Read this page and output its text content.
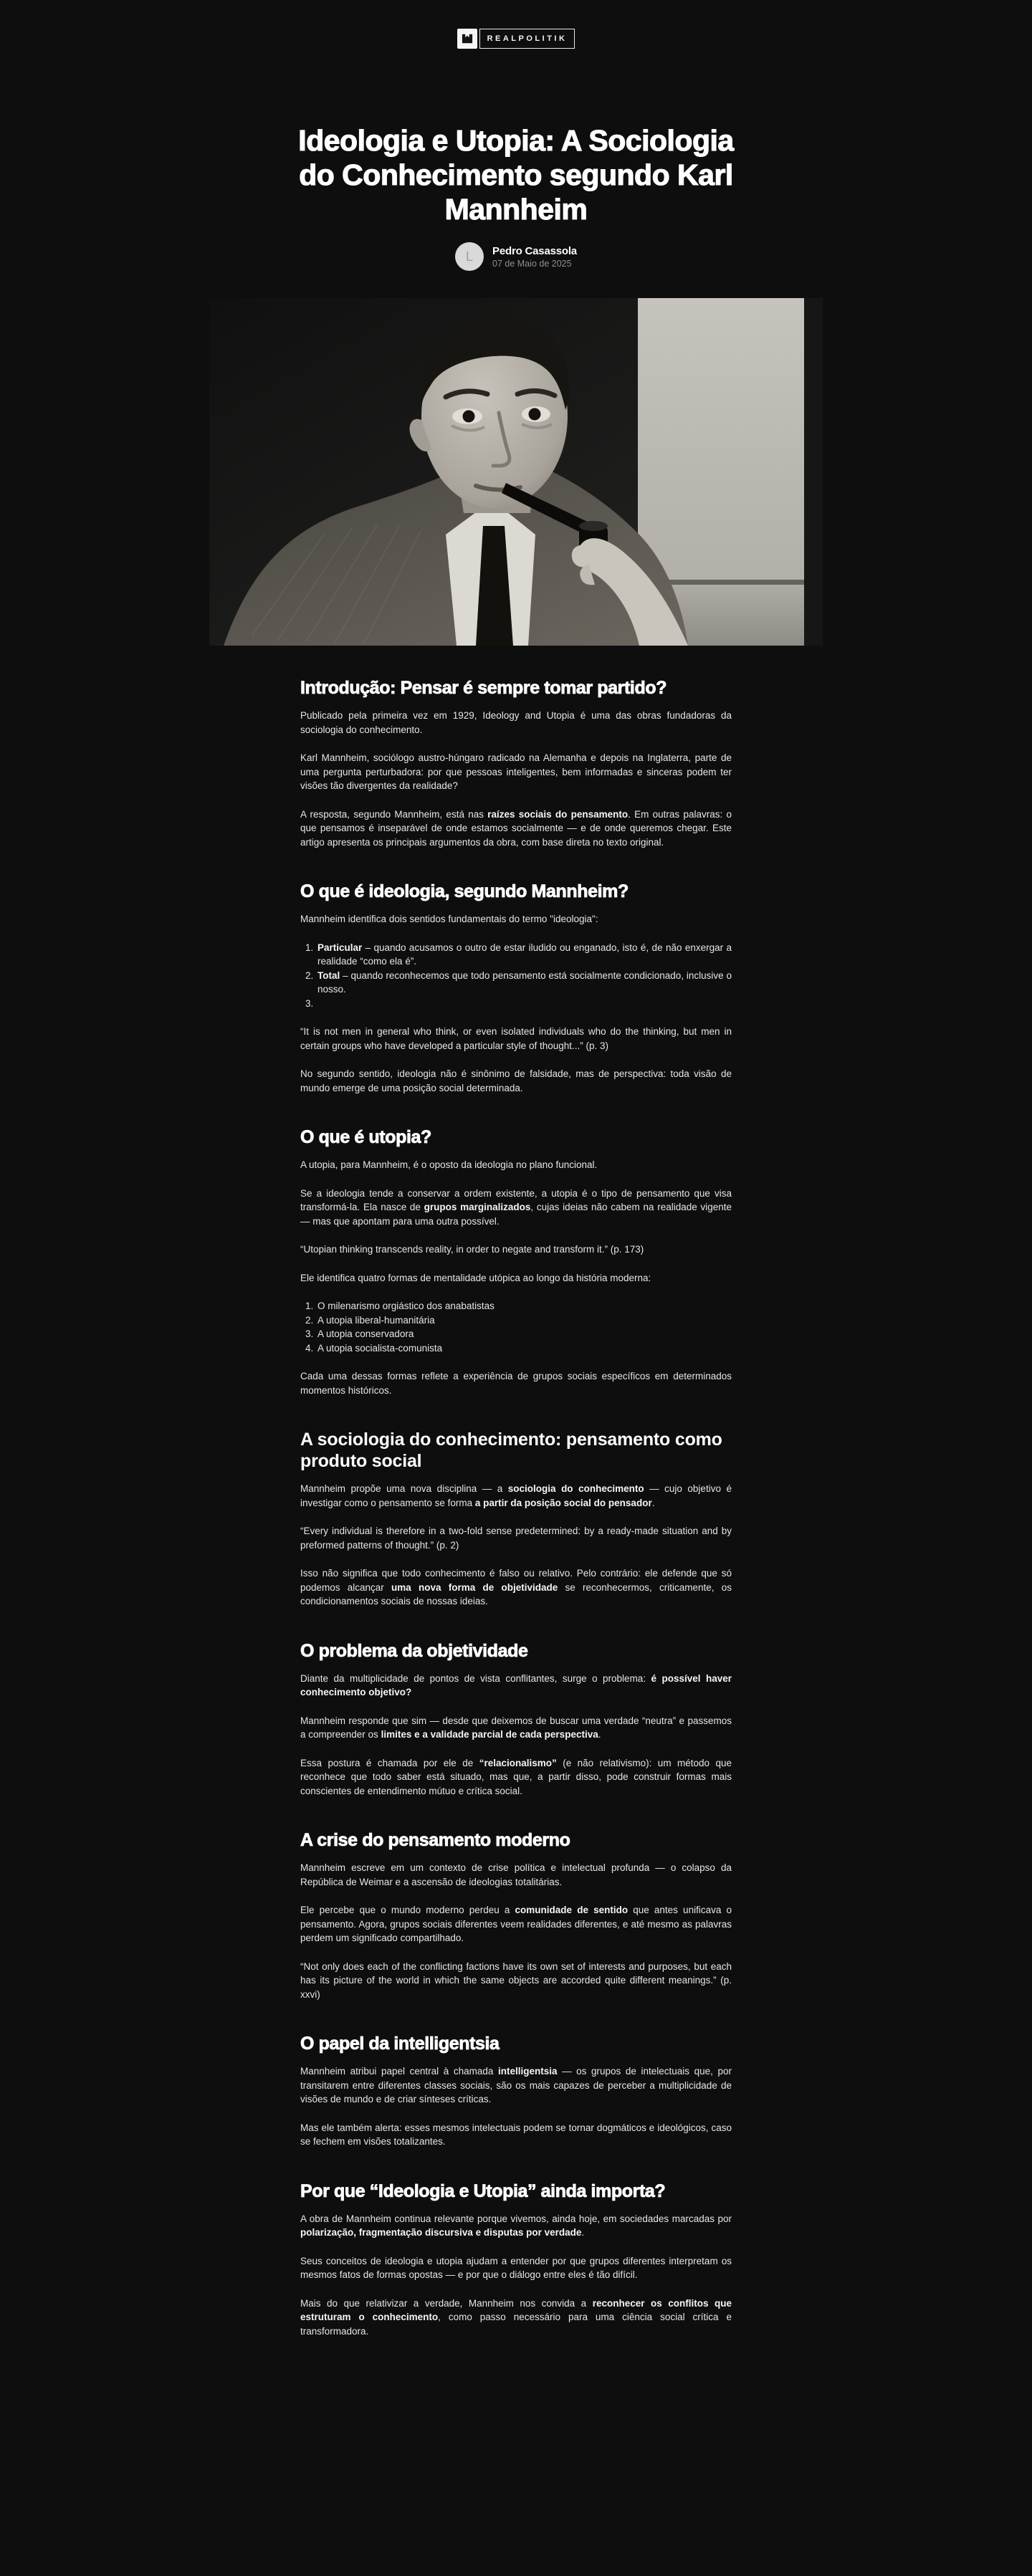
REALPOLITIK
Ideologia e Utopia: A Sociologia do Conhecimento segundo Karl Mannheim
L	Pedro Casassola
07 de Maio de 2025
Introdução: Pensar é sempre tomar partido?

Publicado pela primeira vez em 1929, Ideology and Utopia é uma das obras fundadoras da sociologia do conhecimento.

Karl Mannheim, sociólogo austro-húngaro radicado na Alemanha e depois na Inglaterra, parte de uma pergunta perturbadora: por que pessoas inteligentes, bem informadas e sinceras podem ter visões tão divergentes da realidade?

A resposta, segundo Mannheim, está nas raízes sociais do pensamento. Em outras palavras: o que pensamos é inseparável de onde estamos socialmente — e de onde queremos chegar. Este artigo apresenta os principais argumentos da obra, com base direta no texto original.

O que é ideologia, segundo Mannheim?

Mannheim identifica dois sentidos fundamentais do termo "ideologia":

1. Particular – quando acusamos o outro de estar iludido ou enganado, isto é, de não enxergar a realidade “como ela é”.
2. Total – quando reconhecemos que todo pensamento está socialmente condicionado, inclusive o nosso.
3.

“It is not men in general who think, or even isolated individuals who do the thinking, but men in certain groups who have developed a particular style of thought...” (p. 3)

No segundo sentido, ideologia não é sinônimo de falsidade, mas de perspectiva: toda visão de mundo emerge de uma posição social determinada.

O que é utopia?

A utopia, para Mannheim, é o oposto da ideologia no plano funcional.

Se a ideologia tende a conservar a ordem existente, a utopia é o tipo de pensamento que visa transformá-la. Ela nasce de grupos marginalizados, cujas ideias não cabem na realidade vigente — mas que apontam para uma outra possível.

“Utopian thinking transcends reality, in order to negate and transform it.” (p. 173)

Ele identifica quatro formas de mentalidade utópica ao longo da história moderna:

1. O milenarismo orgiástico dos anabatistas
2. A utopia liberal-humanitária
3. A utopia conservadora
4. A utopia socialista-comunista

Cada uma dessas formas reflete a experiência de grupos sociais específicos em determinados momentos históricos.

A sociologia do conhecimento: pensamento como produto social

Mannheim propõe uma nova disciplina — a sociologia do conhecimento — cujo objetivo é investigar como o pensamento se forma a partir da posição social do pensador.

“Every individual is therefore in a two-fold sense predetermined: by a ready-made situation and by preformed patterns of thought.” (p. 2)

Isso não significa que todo conhecimento é falso ou relativo. Pelo contrário: ele defende que só podemos alcançar uma nova forma de objetividade se reconhecermos, criticamente, os condicionamentos sociais de nossas ideias.

O problema da objetividade

Diante da multiplicidade de pontos de vista conflitantes, surge o problema: é possível haver conhecimento objetivo?

Mannheim responde que sim — desde que deixemos de buscar uma verdade “neutra” e passemos a compreender os limites e a validade parcial de cada perspectiva.

Essa postura é chamada por ele de “relacionalismo” (e não relativismo): um método que reconhece que todo saber está situado, mas que, a partir disso, pode construir formas mais conscientes de entendimento mútuo e crítica social.

A crise do pensamento moderno

Mannheim escreve em um contexto de crise política e intelectual profunda — o colapso da República de Weimar e a ascensão de ideologias totalitárias.

Ele percebe que o mundo moderno perdeu a comunidade de sentido que antes unificava o pensamento. Agora, grupos sociais diferentes veem realidades diferentes, e até mesmo as palavras perdem um significado compartilhado.

“Not only does each of the conflicting factions have its own set of interests and purposes, but each has its picture of the world in which the same objects are accorded quite different meanings.” (p. xxvi)

O papel da intelligentsia

Mannheim atribui papel central à chamada intelligentsia — os grupos de intelectuais que, por transitarem entre diferentes classes sociais, são os mais capazes de perceber a multiplicidade de visões de mundo e de criar sínteses críticas.

Mas ele também alerta: esses mesmos intelectuais podem se tornar dogmáticos e ideológicos, caso se fechem em visões totalizantes.

Por que “Ideologia e Utopia” ainda importa?

A obra de Mannheim continua relevante porque vivemos, ainda hoje, em sociedades marcadas por polarização, fragmentação discursiva e disputas por verdade.

Seus conceitos de ideologia e utopia ajudam a entender por que grupos diferentes interpretam os mesmos fatos de formas opostas — e por que o diálogo entre eles é tão difícil.

Mais do que relativizar a verdade, Mannheim nos convida a reconhecer os conflitos que estruturam o conhecimento, como passo necessário para uma ciência social crítica e transformadora.
